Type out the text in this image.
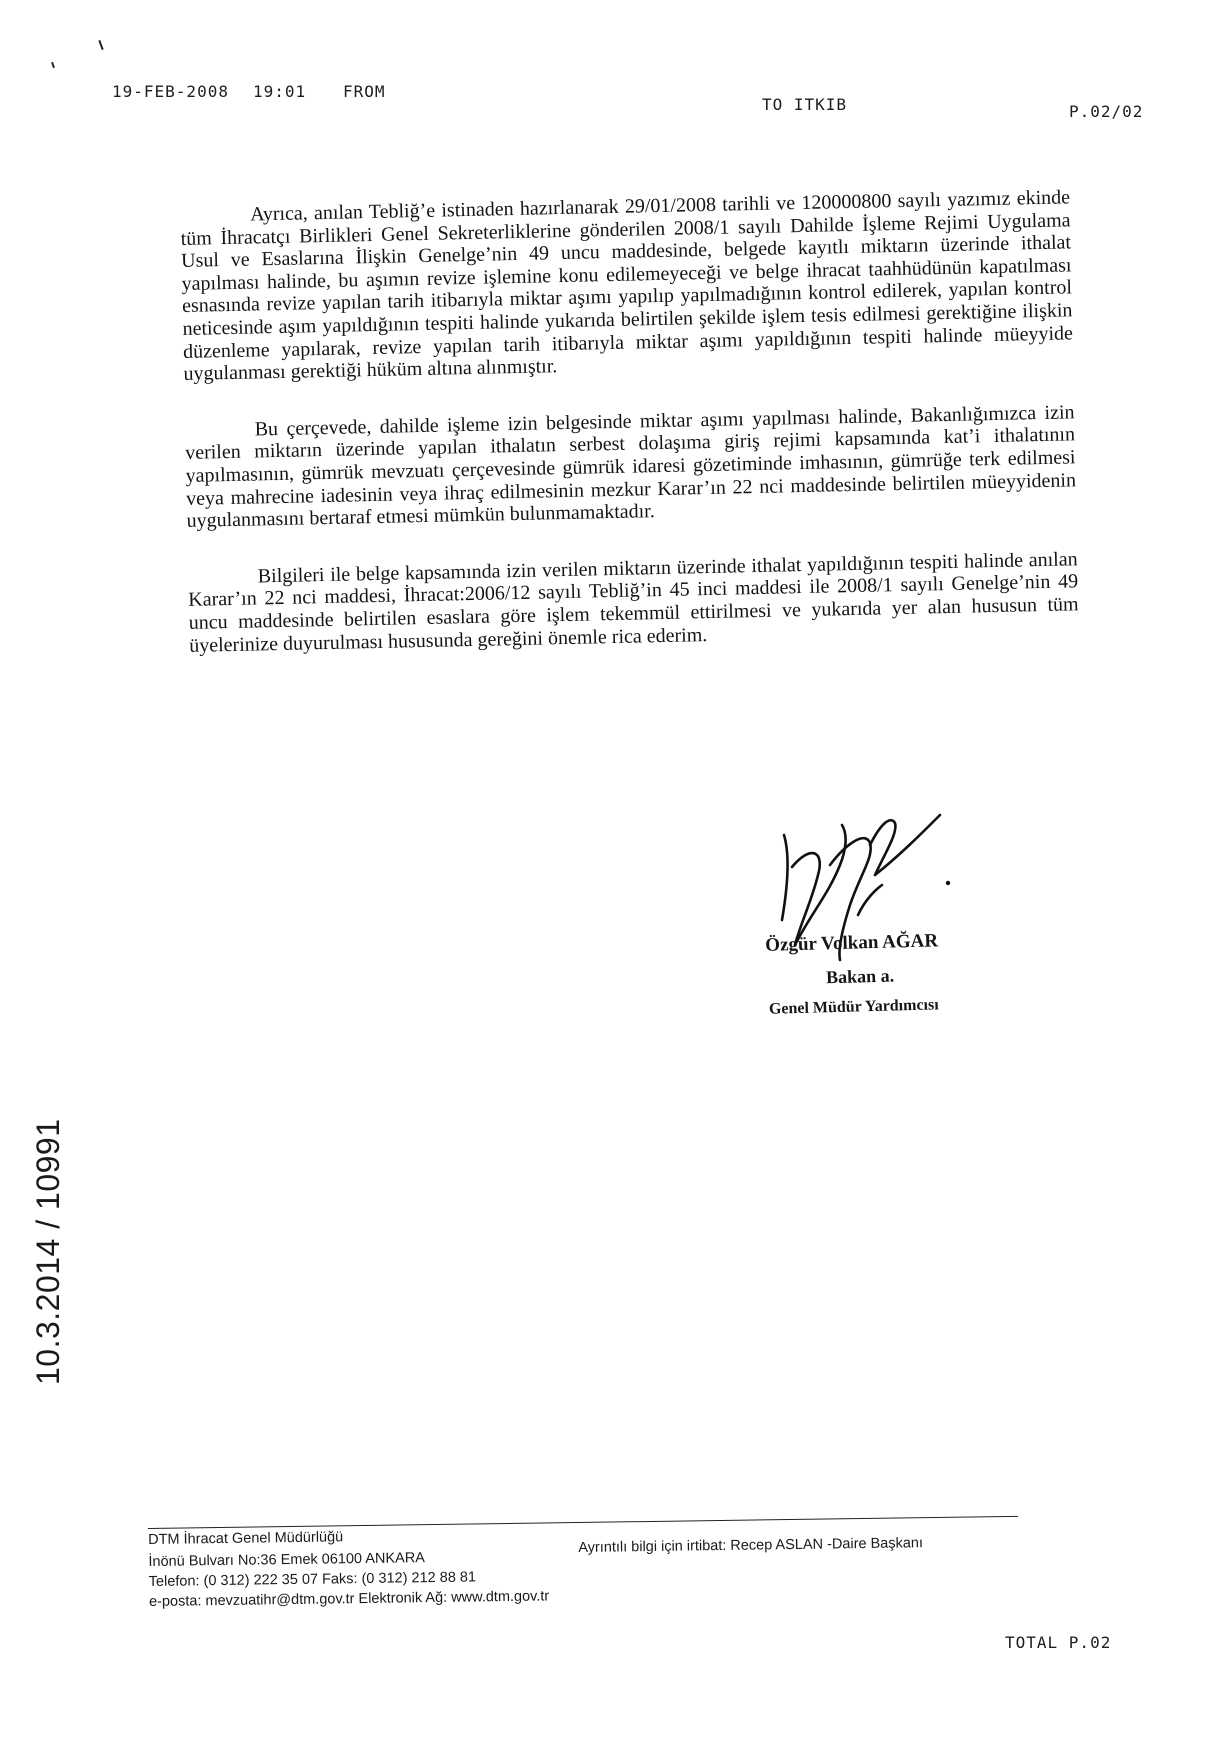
19-FEB-2008 19:01 FROM
TO ITKIB	P.02/02

Ayrıca, anılan Tebliğ’e istinaden hazırlanarak 29/01/2008 tarihli ve 120000800 sayılı yazımız ekinde tüm İhracatçı Birlikleri Genel Sekreterliklerine gönderilen 2008/1 sayılı Dahilde İşleme Rejimi Uygulama Usul ve Esaslarına İlişkin Genelge’nin 49 uncu maddesinde, belgede kayıtlı miktarın üzerinde ithalat yapılması halinde, bu aşımın revize işlemine konu edilemeyeceği ve belge ihracat taahhüdünün kapatılması esnasında revize yapılan tarih itibarıyla miktar aşımı yapılıp yapılmadığının kontrol edilerek, yapılan kontrol neticesinde aşım yapıldığının tespiti halinde yukarıda belirtilen şekilde işlem tesis edilmesi gerektiğine ilişkin düzenleme yapılarak, revize yapılan tarih itibarıyla miktar aşımı yapıldığının tespiti halinde müeyyide uygulanması gerektiği hüküm altına alınmıştır.

Bu çerçevede, dahilde işleme izin belgesinde miktar aşımı yapılması halinde, Bakanlığımızca izin verilen miktarın üzerinde yapılan ithalatın serbest dolaşıma giriş rejimi kapsamında kat’i ithalatının yapılmasının, gümrük mevzuatı çerçevesinde gümrük idaresi gözetiminde imhasının, gümrüğe terk edilmesi veya mahrecine iadesinin veya ihraç edilmesinin mezkur Karar’ın 22 nci maddesinde belirtilen müeyyidenin uygulanmasını bertaraf etmesi mümkün bulunmamaktadır.

Bilgileri ile belge kapsamında izin verilen miktarın üzerinde ithalat yapıldığının tespiti halinde anılan Karar’ın 22 nci maddesi, İhracat:2006/12 sayılı Tebliğ’in 45 inci maddesi ile 2008/1 sayılı Genelge’nin 49 uncu maddesinde belirtilen esaslara göre işlem tekemmül ettirilmesi ve yukarıda yer alan hususun tüm üyelerinize duyurulması hususunda gereğini önemle rica ederim.

Özgür Volkan AĞAR
Bakan a.
Genel Müdür Yardımcısı
10.3.2014 / 10991
DTM İhracat Genel Müdürlüğü
İnönü Bulvarı No:36 Emek 06100 ANKARA
Ayrıntılı bilgi için irtibat: Recep ASLAN -Daire Başkanı
Telefon: (0 312) 222 35 07 Faks: (0 312) 212 88 81
e-posta: mevzuatihr@dtm.gov.tr Elektronik Ağ: www.dtm.gov.tr
TOTAL P.02
